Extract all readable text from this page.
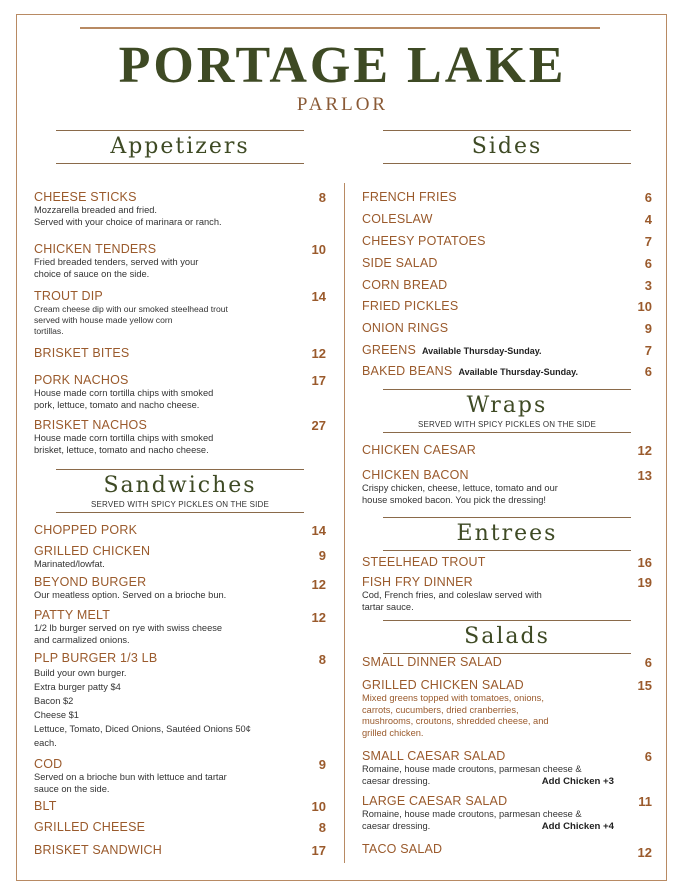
PORTAGE LAKE
PARLOR
Appetizers	Sides
CHEESE STICKS
Mozzarella breaded and fried.
Served with your choice of marinara or ranch.
8
CHICKEN TENDERS
Fried breaded tenders, served with your
choice of sauce on the side.
10
TROUT DIP
Cream cheese dip with our smoked steelhead trout
served with house made yellow corn
tortillas.
14
BRISKET BITES	12
PORK NACHOS
House made corn tortilla chips with smoked
pork, lettuce, tomato and nacho cheese.
17
BRISKET NACHOS
House made corn tortilla chips with smoked
brisket, lettuce, tomato and nacho cheese.
27
Sandwiches
SERVED WITH SPICY PICKLES ON THE SIDE
CHOPPED PORK	14
GRILLED CHICKEN
Marinated/lowfat.
9
BEYOND BURGER
Our meatless option. Served on a brioche bun.
12
PATTY MELT
1/2 lb burger served on rye with swiss cheese
and carmalized onions.
12
PLP BURGER 1/3 LB
Build your own burger.
Extra burger patty $4
Bacon $2
Cheese $1
Lettuce, Tomato, Diced Onions, Sautéed Onions 50¢
each.
8
COD
Served on a brioche bun with lettuce and tartar
sauce on the side.
9
BLT	10
GRILLED CHEESE	8
BRISKET SANDWICH	17
FRENCH FRIES	6
COLESLAW	4
CHEESY POTATOES	7
SIDE SALAD	6
CORN BREAD	3
FRIED PICKLES	10
ONION RINGS	9
GREENS Available Thursday-Sunday.	7
BAKED BEANS Available Thursday-Sunday.	6
Wraps
SERVED WITH SPICY PICKLES ON THE SIDE
CHICKEN CAESAR	12
CHICKEN BACON
Crispy chicken, cheese, lettuce, tomato and our
house smoked bacon. You pick the dressing!
13
Entrees
STEELHEAD TROUT	16
FISH FRY DINNER
Cod, French fries, and coleslaw served with
tartar sauce.
19
Salads
SMALL DINNER SALAD	6
GRILLED CHICKEN SALAD
Mixed greens topped with tomatoes, onions,
carrots, cucumbers, dried cranberries,
mushrooms, croutons, shredded cheese, and
grilled chicken.
15
SMALL CAESAR SALAD
Romaine, house made croutons, parmesan cheese &
caesar dressing.	Add Chicken +3
6
LARGE CAESAR SALAD
Romaine, house made croutons, parmesan cheese &
caesar dressing.	Add Chicken +4
11
TACO SALAD	12
